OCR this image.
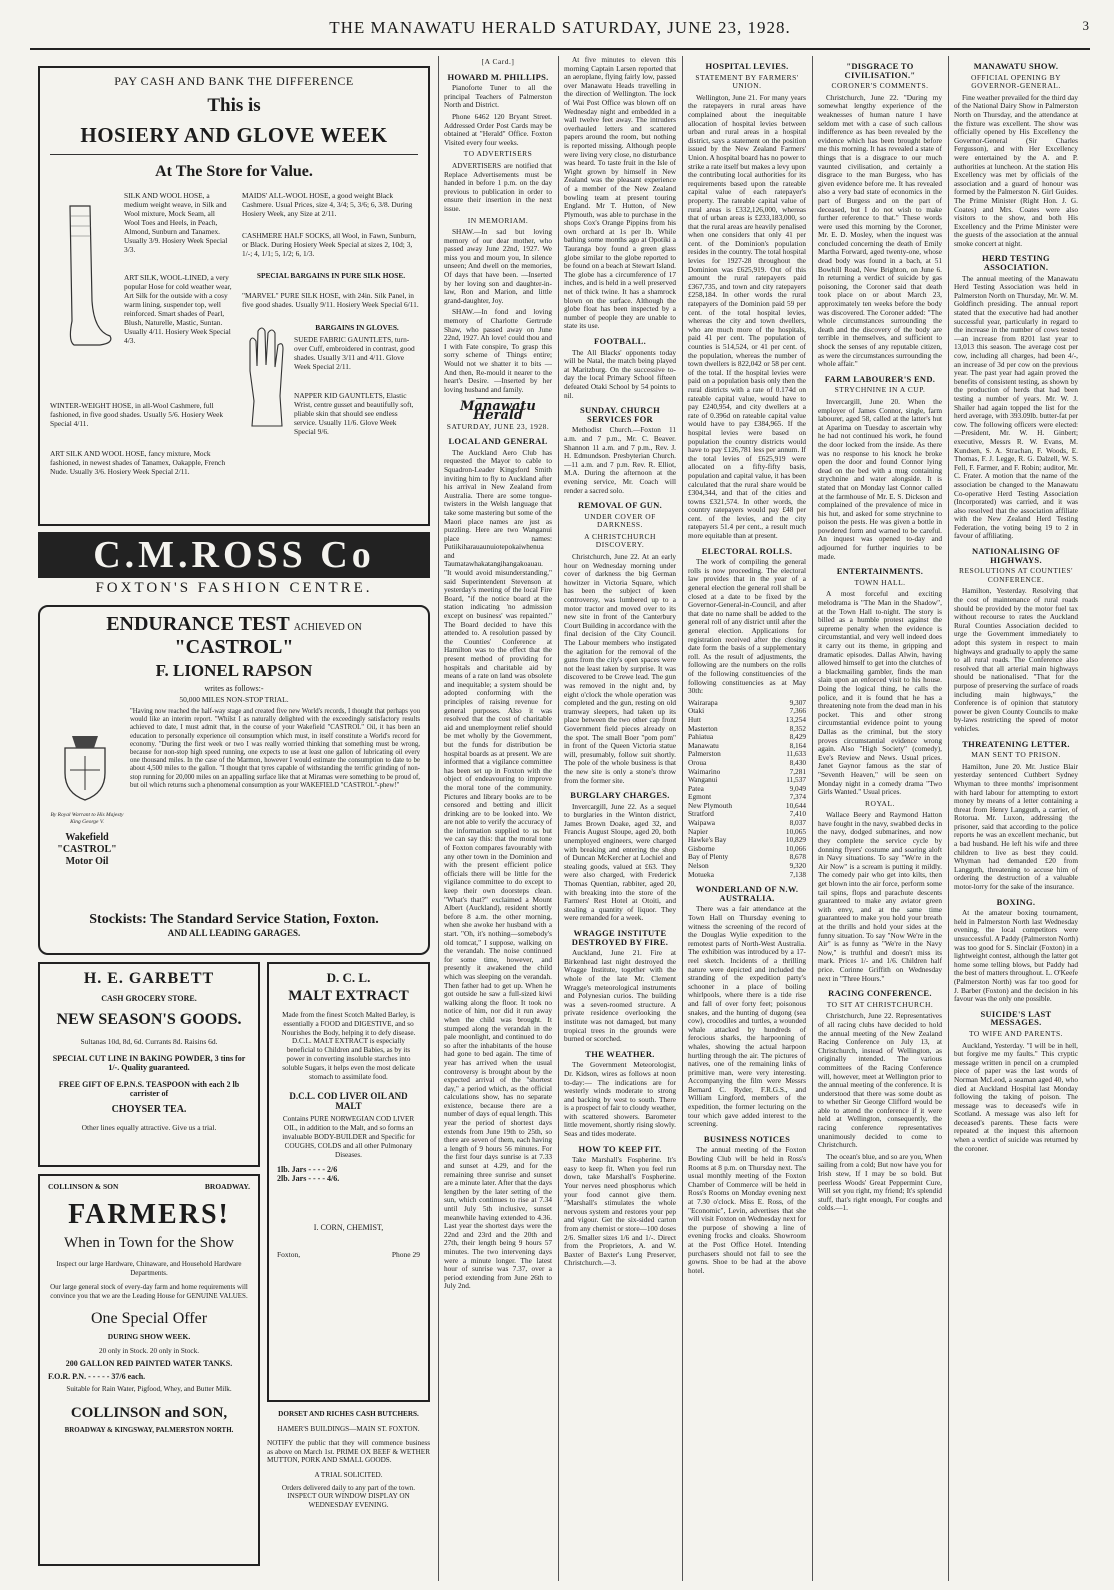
THE MANAWATU HERALD SATURDAY, JUNE 23, 1928.	3
PAY CASH AND BANK THE DIFFERENCE
This is
HOSIERY AND GLOVE WEEK
At The Store for Value.
SILK AND WOOL HOSE, a medium weight weave, in Silk and Wool mixture, Mock Seam, all Wool Toes and Heels, in Peach, Almond, Sunburn and Tanamex. Usually 3/9. Hosiery Week Special 3/3.
ART SILK, WOOL-LINED, a very popular Hose for cold weather wear, Art Silk for the outside with a cosy warm lining, suspender top, well reinforced. Smart shades of Pearl, Blush, Naturelle, Mastic, Suntan. Usually 4/11. Hosiery Week Special 4/3.
WINTER-WEIGHT HOSE, in all-Wool Cashmere, full fashioned, in five good shades. Usually 5/6. Hosiery Week Special 4/11.
ART SILK AND WOOL HOSE, fancy mixture, Mock fashioned, in newest shades of Tanamex, Oakapple, French Nude. Usually 3/6. Hosiery Week Special 2/11.
MAIDS' ALL-WOOL HOSE, a good weight Black Cashmere. Usual Prices, size 4, 3/4; 5, 3/6; 6, 3/8. During Hosiery Week, any Size at 2/11.
CASHMERE HALF SOCKS, all Wool, in Fawn, Sunburn, or Black. During Hosiery Week Special at sizes 2, 10d; 3, 1/-; 4, 1/1; 5, 1/2; 6, 1/3.
SPECIAL BARGAINS IN PURE SILK HOSE.
"MARVEL" PURE SILK HOSE, with 24in. Silk Panel, in five good shades. Usually 9/11. Hosiery Week Special 6/11.
BARGAINS IN GLOVES.
SUEDE FABRIC GAUNTLETS, turn-over Cuff, embroidered in contrast, good shades. Usually 3/11 and 4/11. Glove Week Special 2/11.
NAPPER KID GAUNTLETS, Elastic Wrist, centre gusset and beautifully soft, pliable skin that should see endless service. Usually 11/6. Glove Week Special 9/6.
C.M.ROSS Co
FOXTON'S FASHION CENTRE.
ENDURANCE TEST ACHIEVED ON "CASTROL"
F. LIONEL RAPSON
writes as follows:-
50,000 MILES NON-STOP TRIAL.
By Royal Warrant to His Majesty King George V.
Wakefield "CASTROL" Motor Oil
"Having now reached the half-way stage and created five new World's records, I thought that perhaps you would like an interim report. "Whilst I as naturally delighted with the exceedingly satisfactory results achieved to date, I must admit that, in the course of your Wakefield "CASTROL" Oil, it has been an education to personally experience oil consumption which must, in itself constitute a World's record for economy. "During the first week or two I was really worried thinking that something must be wrong, because for non-stop high speed running, one expects to use at least one gallon of lubricating oil every one thousand miles. In the case of the Marmon, however I would estimate the consumption to date to be about 4,500 miles to the gallon. "I thought that tyres capable of withstanding the terrific grinding of non-stop running for 20,000 miles on an appalling surface like that at Miramas were something to be proud of, but oil which returns such a phenomenal consumption as your WAKEFIELD "CASTROL"-phew!"
Stockists: The Standard Service Station, Foxton.
AND ALL LEADING GARAGES.
H. E. GARBETT
CASH GROCERY STORE.
NEW SEASON'S GOODS.
Sultanas 10d, 8d, 6d. Currants 8d. Raisins 6d.
SPECIAL CUT LINE IN BAKING POWDER, 3 tins for 1/-. Quality guaranteed.
FREE GIFT OF E.P.N.S. TEASPOON with each 2 lb carrister of
CHOYSER TEA.
Other lines equally attractive. Give us a trial.
D. C. L.
MALT EXTRACT
Made from the finest Scotch Malted Barley, is essentially a FOOD and DIGESTIVE, and so Nourishes the Body, helping it to defy disease. D.C.L. MALT EXTRACT is especially beneficial to Children and Babies, as by its power in converting insoluble starches into soluble Sugars, it helps even the most delicate stomach to assimilate food.
D.C.L. COD LIVER OIL AND MALT
Contains PURE NORWEGIAN COD LIVER OIL, in addition to the Malt, and so forms an invaluable BODY-BUILDER and Specific for COUGHS, COLDS and all other Pulmonary Diseases.
1lb. Jars - - - - 2/6
2lb. Jars - - - - 4/6.
I. CORN, CHEMIST,
Foxton,	Phone 29
COLLINSON & SON	BROADWAY.
FARMERS!
When in Town for the Show
Inspect our large Hardware, Chinaware, and Household Hardware Departments.
Our large general stock of every-day farm and home requirements will convince you that we are the Leading House for GENUINE VALUES.
One Special Offer
DURING SHOW WEEK.
20 only in Stock. 20 only in Stock.
200 GALLON RED PAINTED WATER TANKS.
F.O.R. P.N. - - - - - 37/6 each.
Suitable for Rain Water, Pigfood, Whey, and Butter Milk.
COLLINSON and SON,
BROADWAY & KINGSWAY, PALMERSTON NORTH.
DORSET AND RICHES CASH BUTCHERS.
HAMER'S BUILDINGS—MAIN ST. FOXTON.
NOTIFY the public that they will commence business as above on March 1st. PRIME OX BEEF & WETHER MUTTON, PORK AND SMALL GOODS.
A TRIAL SOLICITED.
Orders delivered daily to any part of the town. INSPECT OUR WINDOW DISPLAY ON WEDNESDAY EVENING.
[A Card.]
HOWARD M. PHILLIPS.

Pianoforte Tuner to all the principal Teachers of Palmerston North and District.

Phone 6462 120 Bryant Street. Addressed Order Post Cards may be obtained at "Herald" Office. Foxton Visited every four weeks.

TO ADVERTISERS

ADVERTISERS are notified that Replace Advertisements must be handed in before 1 p.m. on the day previous to publication in order to ensure their insertion in the next issue.

IN MEMORIAM.

SHAW.—In sad but loving memory of our dear mother, who passed away June 22nd, 1927. We miss you and mourn you, In silence unseen; And dwell on the memories, Of days that have been. —Inserted by her loving son and daughter-in-law, Ron and Marion, and little grand-daughter, Joy.

SHAW.—In fond and loving memory of Charlotte Gertrude Shaw, who passed away on June 22nd, 1927. Ah love! could thou and I with Fate conspire, To grasp this sorry scheme of Things entire; Would not we shatter it to bits —And then, Re-mould it nearer to the heart's Desire. —Inserted by her loving husband and family.

Manawatu Herald
SATURDAY, JUNE 23, 1928.
LOCAL AND GENERAL

The Auckland Aero Club has requested the Mayor to cable to Squadron-Leader Kingsford Smith inviting him to fly to Auckland after his arrival in New Zealand from Australia. There are some tongue-twisters in the Welsh language that take some mastering but some of the Maori place names are just as puzzling. Here are two Wanganui place names: Putiikiharauaunuiotepokaiwhenua and Taumatawhakatangihangakoauau. "It would avoid misunderstanding," said Superintendent Stevenson at yesterday's meeting of the local Fire Board, "if the notice board at the station indicating 'no admission except on business' was repainted." The Board decided to have this attended to. A resolution passed by the Counties' Conference at Hamilton was to the effect that the present method of providing for hospitals and charitable aid by means of a rate on land was obsolete and inequitable; a system should be adopted conforming with the principles of raising revenue for general purposes. Also it was resolved that the cost of charitable aid and unemployment relief should be met wholly by the Government, but the funds for distribution be hospital boards as at present. We are informed that a vigilance committee has been set up in Foxton with the object of endeavouring to improve the moral tone of the community. Pictures and library books are to be censored and betting and illicit drinking are to be looked into. We are not able to verify the accuracy of the information supplied to us but we can say this: that the moral tone of Foxton compares favourably with any other town in the Dominion and with the present efficient police officials there will be little for the vigilance committee to do except to keep their own doorsteps clean. "What's that?" exclaimed a Mount Albert (Auckland), resident shortly before 8 a.m. the other morning, when she awoke her husband with a start. "Oh, it's nothing—somebody's old tomcat," I suppose, walking on the verandah. The noise continued for some time, however, and presently it awakened the child which was sleeping on the verandah. Then father had to get up. When he got outside he saw a full-sized kiwi walking along the floor. It took no notice of him, nor did it run away when the child was brought. It stumped along the verandah in the pale moonlight, and continued to do so after the inhabitants of the house had gone to bed again. The time of year has arrived when the usual controversy is brought about by the expected arrival of the "shortest day," a period which, as the official calculations show, has no separate existence, because there are a number of days of equal length. This year the period of shortest days extends from June 19th to 25th, so there are seven of them, each having a length of 9 hours 56 minutes. For the first four days sunrise is at 7.33 and sunset at 4.29, and for the remaining three sunrise and sunset are a minute later. After that the days lengthen by the later setting of the sun, which continues to rise at 7.34 until July 5th inclusive, sunset meanwhile having extended to 4.36. Last year the shortest days were the 22nd and 23rd and the 20th and 27th, their length being 9 hours 57 minutes. The two intervening days were a minute longer. The latest hour of sunrise was 7.37, over a period extending from June 26th to July 2nd.

At five minutes to eleven this morning Captain Larsen reported that an aeroplane, flying fairly low, passed over Manawatu Heads travelling in the direction of Wellington. The lock of Wai Post Office was blown off on Wednesday night and embedded in a wall twelve feet away. The intruders overhauled letters and scattered papers around the room, but nothing is reported missing. Although people were living very close, no disturbance was heard. To taste fruit in the Isle of Wight grown by himself in New Zealand was the pleasant experience of a member of the New Zealand bowling team at present touring England. Mr T. Hutton, of New Plymouth, was able to purchase in the shops Cox's Orange Pippins from his own orchard at 1s per lb. While bathing some months ago at Opotiki a Tauranga boy found a green glass globe similar to the globe reported to be found on a beach at Stewart Island. The globe has a circumference of 17 inches, and is held in a well preserved net of thick twine. It has a shamrock blown on the surface. Although the globe float has been inspected by a number of people they are unable to state its use.

FOOTBALL.

The All Blacks' opponents today will be Natal, the match being played at Maritzburg. On the successive to-day the local Primary School fifteen defeated Otaki School by 54 points to nil.

SUNDAY. CHURCH SERVICES FOR

Methodist Church.—Foxton 11 a.m. and 7 p.m., Mr. C. Beaver. Shannon 11 a.m. and 7 p.m., Rev. J. H. Edmundson. Presbyterian Church.—11 a.m. and 7 p.m. Rev. R. Elliot, M.A. During the afternoon at the evening service, Mr. Coach will render a sacred solo.

REMOVAL OF GUN.
UNDER COVER OF DARKNESS.
A CHRISTCHURCH DISCOVERY.

Christchurch, June 22. At an early hour on Wednesday morning under cover of darkness the big German howitzer in Victoria Square, which has been the subject of keen controversy, was lumbered up to a motor tractor and moved over to its new site in front of the Canterbury Court Building in accordance with the final decision of the City Council. The Labour members who instigated the agitation for the removal of the guns from the city's open spaces were not the least taken by surprise. It was discovered to be Crewe lead. The gun was removed in the night and, by eight o'clock the whole operation was completed and the gun, resting on old tramway sleepers, had taken up its place between the two other cap front Government field pieces already on the spot. The small Boer "pom pom" in front of the Queen Victoria statue will, presumably, follow suit shortly. The pole of the whole business is that the new site is only a stone's throw from the former site.

BURGLARY CHARGES.

Invercargill, June 22. As a sequel to burglaries in the Winton district, James Brown Doake, aged 32, and Francis August Sloupe, aged 20, both unemployed engineers, were charged with breaking and entering the shop of Duncan McKercher at Lochiel and stealing goods, valued at £63. They were also charged, with Frederick Thomas Quentian, rabbiter, aged 20, with breaking into the store of the Farmers' Rest Hotel at Otoiti, and stealing a quantity of liquor. They were remanded for a week.

WRAGGE INSTITUTE DESTROYED BY FIRE.

Auckland, June 21. Fire at Birkenhead last night destroyed the Wragge Institute, together with the whole of the late Mr. Clement Wragge's meteorological instruments and Polynesian curios. The building was a seven-roomed structure. A private residence overlooking the institute was not damaged, but many tropical trees in the grounds were burned or scorched.

THE WEATHER.

The Government Meteorologist, Dr. Kidson, wires as follows at noon to-day:— The indications are for westerly winds moderate to strong and backing by west to south. There is a prospect of fair to cloudy weather, with scattered showers. Barometer little movement, shortly rising slowly. Seas and tides moderate.

HOW TO KEEP FIT.

Take Marshall's Fospherine. It's easy to keep fit. When you feel run down, take Marshall's Fospherine. Your nerves need phosphorus which your food cannot give them. "Marshall's stimulates the whole nervous system and restores your pep and vigour. Get the six-sided carton from any chemist or store—100 doses 2/6. Smaller sizes 1/6 and 1/-. Direct from the Proprietors, A. and W. Baxter of Baxter's Lung Preserver, Christchurch.—3.

HOSPITAL LEVIES.
STATEMENT BY FARMERS' UNION.

Wellington, June 21. For many years the ratepayers in rural areas have complained about the inequitable allocation of hospital levies between urban and rural areas in a hospital district, says a statement on the position issued by the New Zealand Farmers' Union. A hospital board has no power to strike a rate itself but makes a levy upon the contributing local authorities for its requirements based upon the rateable capital value of each ratepayer's property. The rateable capital value of rural areas is £332,126,000, whereas that of urban areas is £233,183,000, so that the rural areas are heavily penalised when one considers that only 41 per cent. of the Dominion's population resides in the country. The total hospital levies for 1927-28 throughout the Dominion was £625,919. Out of this amount the rural ratepayers paid £367,735, and town and city ratepayers £258,184. In other words the rural ratepayers of the Dominion paid 59 per cent. of the total hospital levies, whereas the city and town dwellers, who are much more of the hospitals, paid 41 per cent. The population of counties is 514,524, or 41 per cent. of the population, whereas the number of town dwellers is 822,042 or 58 per cent. of the total. If the hospital levies were paid on a population basis only then the rural districts with a rate of 0.174d on rateable capital value, would have to pay £240,954, and city dwellers at a rate of 0.396d on rateable capital value would have to pay £384,965. If the hospital levies were based on population the country districts would have to pay £126,781 less per annum. If the total levies of £625,919 were allocated on a fifty-fifty basis, population and capital value, it has been calculated that the rural share would be £304,344, and that of the cities and towns £321,574. In other words, the country ratepayers would pay £48 per cent. of the levies, and the city ratepayers 51.4 per cent., a result much more equitable than at present.

ELECTORAL ROLLS.

The work of compiling the general rolls is now proceeding. The electoral law provides that in the year of a general election the general roll shall be closed at a date to be fixed by the Governor-General-in-Council, and after that date no name shall be added to the general roll of any district until after the general election. Applications for registration received after the closing date form the basis of a supplementary roll. As the result of adjustments, the following are the numbers on the rolls of the following constituencies of the following constituencies as at May 30th:

Wairarapa	9,307
Otaki	7,366
Hutt	13,254
Masterton	8,352
Pahiatua	8,429
Manawatu	8,164
Palmerston	11,633
Oroua	8,430
Waimarino	7,281
Wanganui	11,537
Patea	9,049
Egmont	7,374
New Plymouth	10,644
Stratford	7,410
Waipawa	8,037
Napier	10,065
Hawke's Bay	10,829
Gisborne	10,066
Bay of Plenty	8,678
Nelson	9,320
Motueka	7,138
WONDERLAND OF N.W. AUSTRALIA.

There was a fair attendance at the Town Hall on Thursday evening to witness the screening of the record of the Douglas Wylie expedition to the remotest parts of North-West Australia. The exhibition was introduced by a 17-reel sketch. Incidents of a thrilling nature were depicted and included the stranding of the expedition party's schooner in a place of boiling whirlpools, where there is a tide rise and fall of over forty feet; poisonous snakes, and the hunting of dugong (sea cow), crocodiles and turtles, a wounded whale attacked by hundreds of ferocious sharks, the harpooning of whales, showing the actual harpoon hurtling through the air. The pictures of natives, one of the remaining links of primitive man, were very interesting. Accompanying the film were Messrs Bernard C. Ryder, F.R.G.S., and William Lingford, members of the expedition, the former lecturing on the tour which gave added interest to the screening.

BUSINESS NOTICES

The annual meeting of the Foxton Bowling Club will be held in Ross's Rooms at 8 p.m. on Thursday next. The usual monthly meeting of the Foxton Chamber of Commerce will be held in Ross's Rooms on Monday evening next at 7.30 o'clock. Miss E. Ross, of the "Economic", Levin, advertises that she will visit Foxton on Wednesday next for the purpose of showing a line of evening frocks and cloaks. Showroom at the Post Office Hotel. Intending purchasers should not fail to see the gowns. Shoe to be had at the above hotel.

"DISGRACE TO CIVILISATION."
CORONER'S COMMENTS.

Christchurch, June 22. "During my somewhat lengthy experience of the weaknesses of human nature I have seldom met with a case of such callous indifference as has been revealed by the evidence which has been brought before me this morning. It has revealed a state of things that is a disgrace to our much vaunted civilisation, and certainly a disgrace to the man Burgess, who has given evidence before me. It has revealed also a very bad state of economics in the part of Burgess and on the part of deceased, but I do not wish to make further reference to that." These words were used this morning by the Coroner, Mr. E. D. Mosley, when the inquest was concluded concerning the death of Emily Martha Forward, aged twenty-one, whose dead body was found in a bach, at 51 Bowhill Road, New Brighton, on June 6. In returning a verdict of suicide by gas poisoning, the Coroner said that death took place on or about March 23, approximately ten weeks before the body was discovered. The Coroner added: "The whole circumstances surrounding the death and the discovery of the body are terrible in themselves, and sufficient to shock the senses of any reputable citizen, as were the circumstances surrounding the whole affair."

FARM LABOURER'S END.
STRYCHNINE IN A CUP.

Invercargill, June 20. When the employer of James Connor, single, farm labourer, aged 58, called at the latter's hut at Aparima on Tuesday to ascertain why he had not continued his work, he found the door locked from the inside. As there was no response to his knock he broke open the door and found Connor lying dead on the bed with a mug containing strychnine and water alongside. It is stated that on Monday last Connor called at the farmhouse of Mr. E. S. Dickson and complained of the prevalence of mice in his hut, and asked for some strychnine to poison the pests. He was given a bottle in powdered form and warned to be careful. An inquest was opened to-day and adjourned for further inquiries to be made.

ENTERTAINMENTS.
TOWN HALL.

A most forceful and exciting melodrama is "The Man in the Shadow", at the Town Hall to-night. The story is billed as a humble protest against the supreme penalty when the evidence is circumstantial, and very well indeed does it carry out its theme, in gripping and dramatic episodes. Dallas Alwin, having allowed himself to get into the clutches of a blackmailing gambler, finds the man slain upon an enforced visit to his house. Doing the logical thing, he calls the police, and it is found that he has a threatening note from the dead man in his pocket. This and other strong circumstantial evidence point to young Dallas as the criminal, but the story proves circumstantial evidence wrong again. Also "High Society" (comedy), Eve's Review and News. Usual prices. Janet Gaynor famous as the star of "Seventh Heaven," will be seen on Monday night in a comedy drama "Two Girls Wanted." Usual prices.

ROYAL.

Wallace Beery and Raymond Hatton have fought in the navy, swabbed decks in the navy, dodged submarines, and now they complete the service cycle by donning flyers' costume and soaring aloft in Navy situations. To say "We're in the Air Now" is a scream is putting it mildly. The comedy pair who get into kilts, then get blown into the air force, perform some tail spins, flops and parachute descents guaranteed to make any aviator green with envy, and at the same time guaranteed to make you hold your breath at the thrills and hold your sides at the funny situation. To say "Now We're in the Air" is as funny as "We're in the Navy Now," is truthful and doesn't miss its mark. Prices 1/- and 1/6. Children half price. Corinne Griffith on Wednesday next in "Three Hours."

RACING CONFERENCE.
TO SIT AT CHRISTCHURCH.

Christchurch, June 22. Representatives of all racing clubs have decided to hold the annual meeting of the New Zealand Racing Conference on July 13, at Christchurch, instead of Wellington, as originally intended. The various committees of the Racing Conference will, however, meet at Wellington prior to the annual meeting of the conference. It is understood that there was some doubt as to whether Sir George Clifford would be able to attend the conference if it were held at Wellington, consequently, the racing conference representatives unanimously decided to come to Christchurch.

The ocean's blue, and so are you, When sailing from a cold; But now have you for Irish stew, If I may be so bold. But peerless Woods' Great Peppermint Cure, Will set you right, my friend; It's splendid stuff, that's right enough, For coughs and colds.—1.

MANAWATU SHOW.
OFFICIAL OPENING BY GOVERNOR-GENERAL.

Fine weather prevailed for the third day of the National Dairy Show in Palmerston North on Thursday, and the attendance at the fixture was excellent. The show was officially opened by His Excellency the Governor-General (Sir Charles Fergusson), and with Her Excellency were entertained by the A. and P. authorities at luncheon. At the station His Excellency was met by officials of the association and a guard of honour was formed by the Palmerston N. Girl Guides. The Prime Minister (Right Hon. J. G. Coates) and Mrs. Coates were also visitors to the show, and both His Excellency and the Prime Minister were the guests of the association at the annual smoke concert at night.

HERD TESTING ASSOCIATION.

The annual meeting of the Manawatu Herd Testing Association was held in Palmerston North on Thursday, Mr. W. M. Goldfinch presiding. The annual report stated that the executive had had another successful year, particularly in regard to the increase in the number of cows tested—an increase from 8201 last year to 13,013 this season. The average cost per cow, including all charges, had been 4/-, an increase of 3d per cow on the previous year. The past year had again proved the benefits of consistent testing, as shown by the production of herds that had been testing a number of years. Mr. W. J. Shailer had again topped the list for the herd average, with 393.09lb. butter-fat per cow. The following officers were elected:—President, Mr. W. H. Ginbert; executive, Messrs R. W. Evans, M. Kundsen, S. A. Strachan, F. Woods, E. Thomas, F. J. Legge, R. G. Dalzell, W. S. Fell, F. Farmer, and F. Robin; auditor, Mr. C. Frater. A motion that the name of the association be changed to the Manawatu Co-operative Herd Testing Association (Incorporated) was carried, and it was also resolved that the association affiliate with the New Zealand Herd Testing Federation, the voting being 19 to 2 in favour of affiliating.

NATIONALISING OF HIGHWAYS.
RESOLUTIONS AT COUNTIES' CONFERENCE.

Hamilton, Yesterday. Resolving that the cost of maintenance of rural roads should be provided by the motor fuel tax without recourse to rates the Auckland Rural Counties Association decided to urge the Government immediately to adopt this system in respect to main highways and gradually to apply the same to all rural roads. The Conference also resolved that all arterial main highways should be nationalised. "That for the purpose of preserving the surface of roads including main highways," the Conference is of opinion that statutory power be given County Councils to make by-laws restricting the speed of motor vehicles.

THREATENING LETTER.
MAN SENT TO PRISON.

Hamilton, June 20. Mr. Justice Blair yesterday sentenced Cuthbert Sydney Whyman to three months' imprisonment with hard labour for attempting to extort money by means of a letter containing a threat from Henry Langguth, a carrier, of Rotorua. Mr. Luxon, addressing the prisoner, said that according to the police reports he was an excellent mechanic, but a bad husband. He left his wife and three children to live as best they could. Whyman had demanded £20 from Langguth, threatening to accuse him of ordering the destruction of a valuable motor-lorry for the sake of the insurance.

BOXING.

At the amateur boxing tournament, held in Palmerston North last Wednesday evening, the local competitors were unsuccessful. A Paddy (Palmerston North) was too good for S. Sinclair (Foxton) in a lightweight contest, although the latter got home some telling blows, but Paddy had the best of matters throughout. L. O'Keefe (Palmerston North) was far too good for J. Barber (Foxton) and the decision in his favour was the only one possible.

SUICIDE'S LAST MESSAGES.
TO WIFE AND PARENTS.

Auckland, Yesterday. "I will be in hell, but forgive me my faults." This cryptic message written in pencil on a crumpled piece of paper was the last words of Norman McLeod, a seaman aged 40, who died at Auckland Hospital last Monday following the taking of poison. The message was to deceased's wife in Scotland. A message was also left for deceased's parents. These facts were repeated at the inquest this afternoon when a verdict of suicide was returned by the coroner.
